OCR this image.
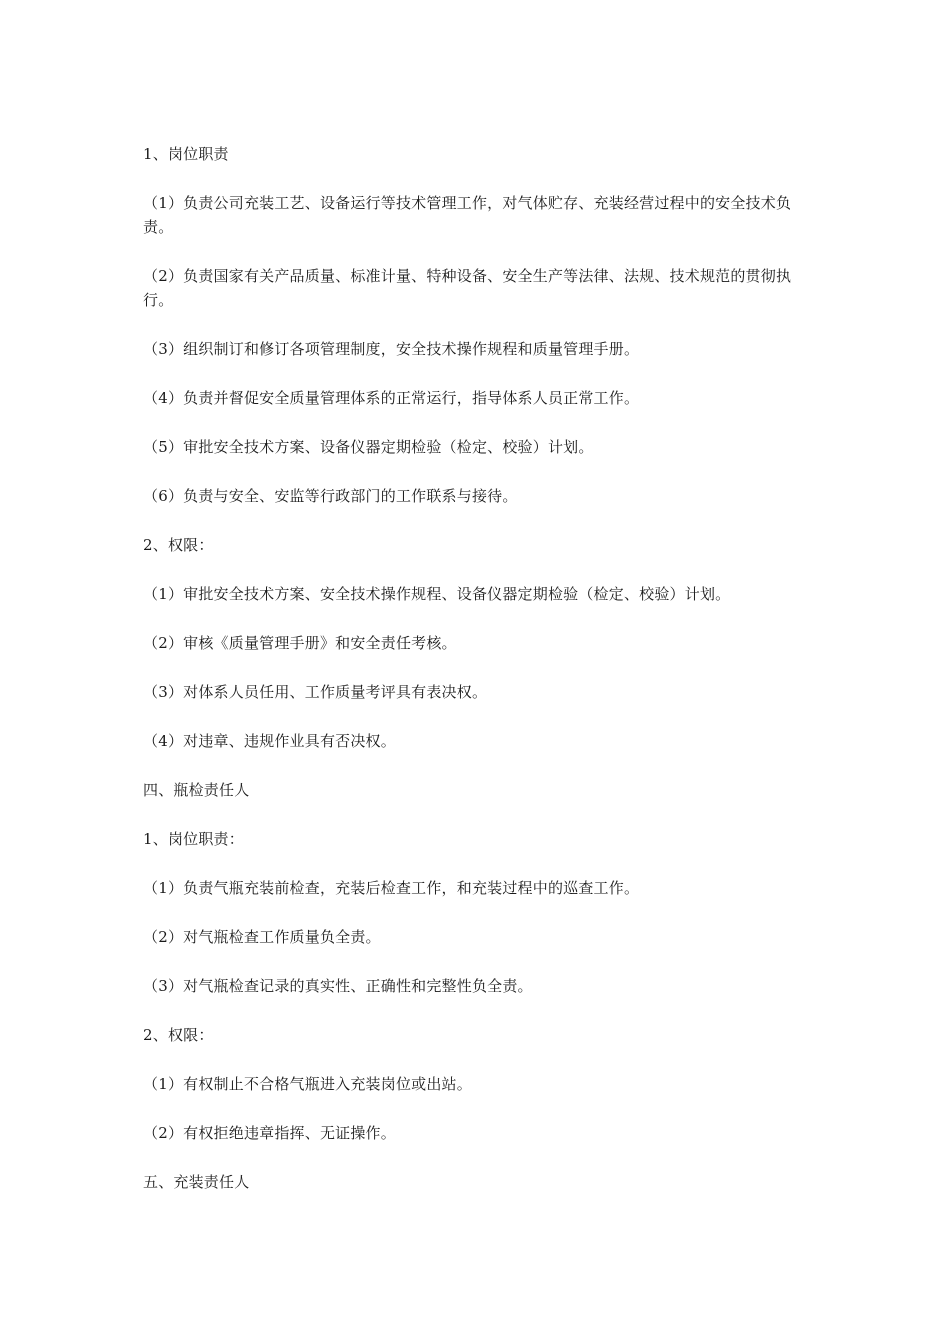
1、岗位职责

（1）负责公司充装工艺、设备运行等技术管理工作，对气体贮存、充装经营过程中的安全技术负责。

（2）负责国家有关产品质量、标准计量、特种设备、安全生产等法律、法规、技术规范的贯彻执行。

（3）组织制订和修订各项管理制度，安全技术操作规程和质量管理手册。

（4）负责并督促安全质量管理体系的正常运行，指导体系人员正常工作。

（5）审批安全技术方案、设备仪器定期检验（检定、校验）计划。

（6）负责与安全、安监等行政部门的工作联系与接待。

2、权限：

（1）审批安全技术方案、安全技术操作规程、设备仪器定期检验（检定、校验）计划。

（2）审核《质量管理手册》和安全责任考核。

（3）对体系人员任用、工作质量考评具有表决权。

（4）对违章、违规作业具有否决权。

四、瓶检责任人

1、岗位职责：

（1）负责气瓶充装前检查，充装后检查工作，和充装过程中的巡查工作。

（2）对气瓶检查工作质量负全责。

（3）对气瓶检查记录的真实性、正确性和完整性负全责。

2、权限：

（1）有权制止不合格气瓶进入充装岗位或出站。

（2）有权拒绝违章指挥、无证操作。

五、充装责任人
